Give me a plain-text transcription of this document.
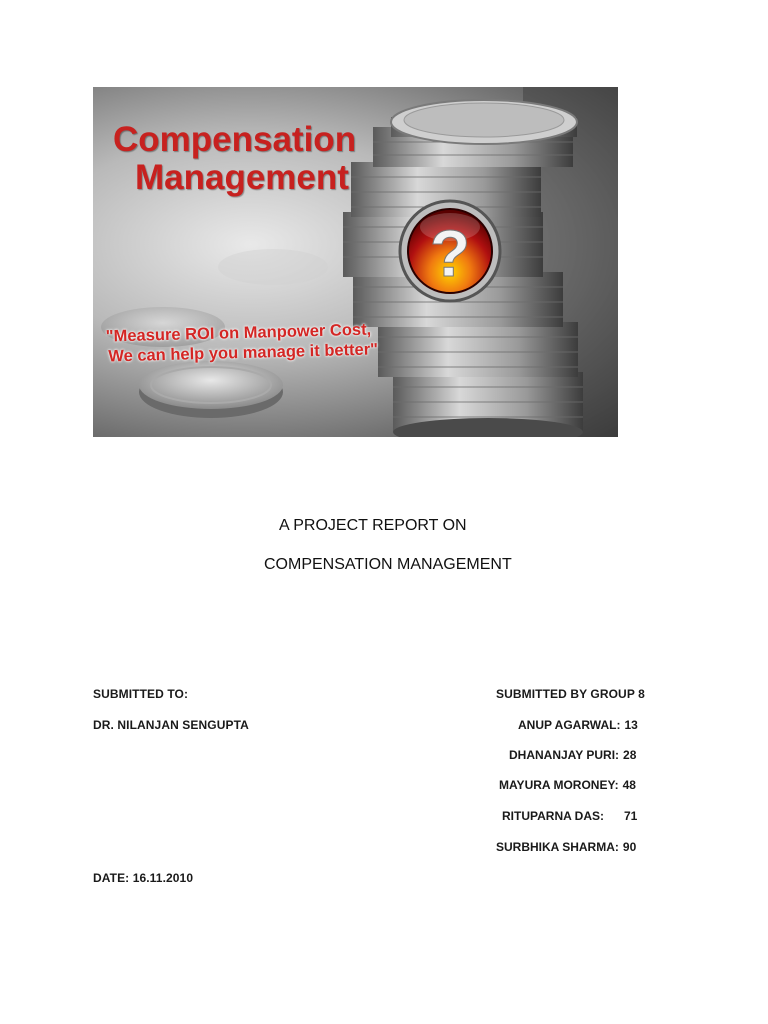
?
Compensation
Management
"Measure ROI on Manpower Cost,
We can help you manage it better"
A PROJECT REPORT ON
COMPENSATION MANAGEMENT
SUBMITTED TO:
DR. NILANJAN SENGUPTA
SUBMITTED BY GROUP 8
ANUP AGARWAL: 13
DHANANJAY PURI: 28
MAYURA MORONEY: 48
RITUPARNA DAS: 71
SURBHIKA SHARMA: 90
DATE: 16.11.2010
